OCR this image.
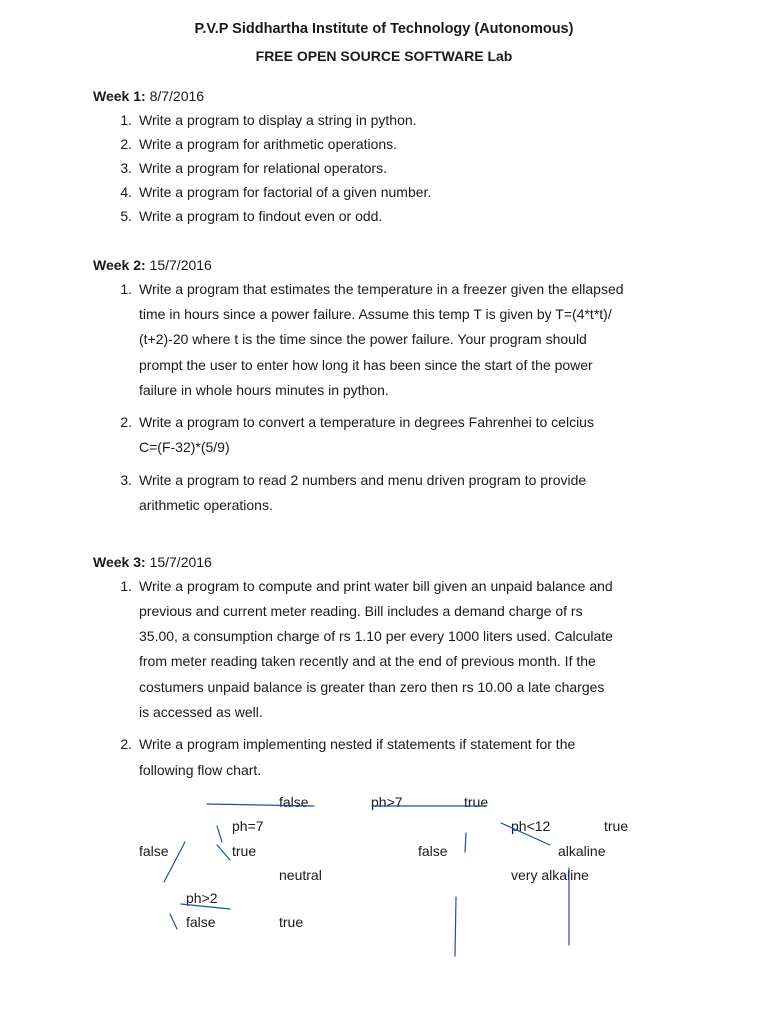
P.V.P Siddhartha Institute of Technology (Autonomous)
FREE OPEN SOURCE SOFTWARE Lab
Week 1: 8/7/2016
1. Write a program to display a string in python.
2. Write a program for arithmetic operations.
3. Write a program for relational operators.
4. Write a program for factorial of a given number.
5. Write a program to findout even or odd.
Week 2: 15/7/2016
1. Write a program that estimates the temperature in a freezer given the ellapsed
time in hours since a power failure. Assume this temp T is given by T=(4*t*t)/
(t+2)-20 where t is the time since the power failure. Your program should
prompt the user to enter how long it has been since the start of the power
failure in whole hours minutes in python.
2. Write a program to convert a temperature in degrees Fahrenhei to celcius
C=(F-32)*(5/9)
3. Write a program to read 2 numbers and menu driven program to provide
arithmetic operations.
Week 3: 15/7/2016
1. Write a program to compute and print water bill given an unpaid balance and
previous and current meter reading. Bill includes a demand charge of rs
35.00, a consumption charge of rs 1.10 per every 1000 liters used. Calculate
from meter reading taken recently and at the end of previous month. If the
costumers unpaid balance is greater than zero then rs 10.00 a late charges
is accessed as well.
2. Write a program implementing nested if statements if statement for the
following flow chart.
false	ph>7	true
ph=7	ph<12	true
false	true	false	alkaline
neutral	very alkaline
ph>2
false	true
